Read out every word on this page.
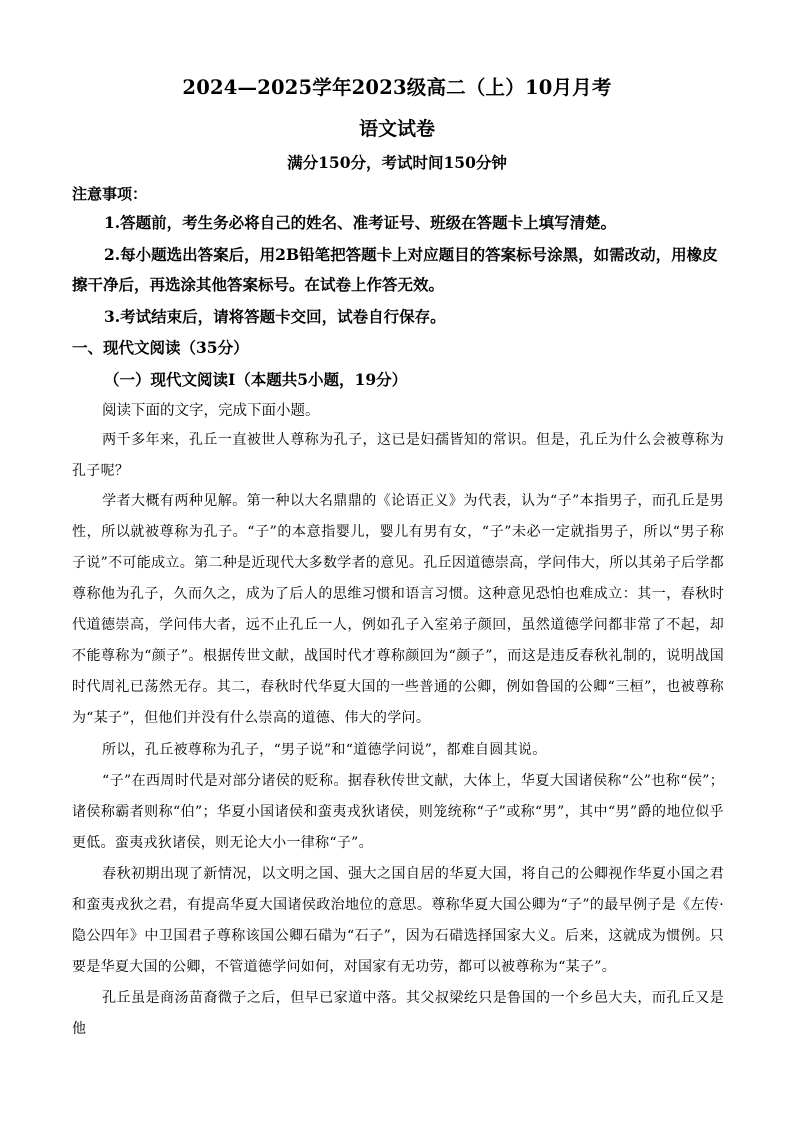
2024—2025学年2023级高二（上）10月月考
语文试卷
满分150分，考试时间150分钟
注意事项：
1.答题前，考生务必将自己的姓名、准考证号、班级在答题卡上填写清楚。
2.每小题选出答案后，用2B铅笔把答题卡上对应题目的答案标号涂黑，如需改动，用橡皮擦干净后，再选涂其他答案标号。在试卷上作答无效。
3.考试结束后，请将答题卡交回，试卷自行保存。
一、现代文阅读（35分）
（一）现代文阅读Ⅰ（本题共5小题，19分）
阅读下面的文字，完成下面小题。
两千多年来，孔丘一直被世人尊称为孔子，这已是妇孺皆知的常识。但是，孔丘为什么会被尊称为孔子呢？
学者大概有两种见解。第一种以大名鼎鼎的《论语正义》为代表，认为“子”本指男子，而孔丘是男性，所以就被尊称为孔子。“子”的本意指婴儿，婴儿有男有女，“子”未必一定就指男子，所以“男子称子说”不可能成立。第二种是近现代大多数学者的意见。孔丘因道德崇高，学问伟大，所以其弟子后学都尊称他为孔子，久而久之，成为了后人的思维习惯和语言习惯。这种意见恐怕也难成立：其一，春秋时代道德崇高，学问伟大者，远不止孔丘一人，例如孔子入室弟子颜回，虽然道德学问都非常了不起，却不能尊称为“颜子”。根据传世文献，战国时代才尊称颜回为“颜子”，而这是违反春秋礼制的，说明战国时代周礼已荡然无存。其二，春秋时代华夏大国的一些普通的公卿，例如鲁国的公卿“三桓”，也被尊称为“某子”，但他们并没有什么崇高的道德、伟大的学问。
所以，孔丘被尊称为孔子，“男子说”和“道德学问说”，都难自圆其说。
“子”在西周时代是对部分诸侯的贬称。据春秋传世文献，大体上，华夏大国诸侯称“公”也称“侯”；诸侯称霸者则称“伯”；华夏小国诸侯和蛮夷戎狄诸侯，则笼统称“子”或称“男”，其中“男”爵的地位似乎更低。蛮夷戎狄诸侯，则无论大小一律称“子”。
春秋初期出现了新情况，以文明之国、强大之国自居的华夏大国，将自己的公卿视作华夏小国之君和蛮夷戎狄之君，有提高华夏大国诸侯政治地位的意思。尊称华夏大国公卿为“子”的最早例子是《左传·隐公四年》中卫国君子尊称该国公卿石碏为“石子”，因为石碏选择国家大义。后来，这就成为惯例。只要是华夏大国的公卿，不管道德学问如何，对国家有无功劳，都可以被尊称为“某子”。
孔丘虽是商汤苗裔微子之后，但早已家道中落。其父叔梁纥只是鲁国的一个乡邑大夫，而孔丘又是他
